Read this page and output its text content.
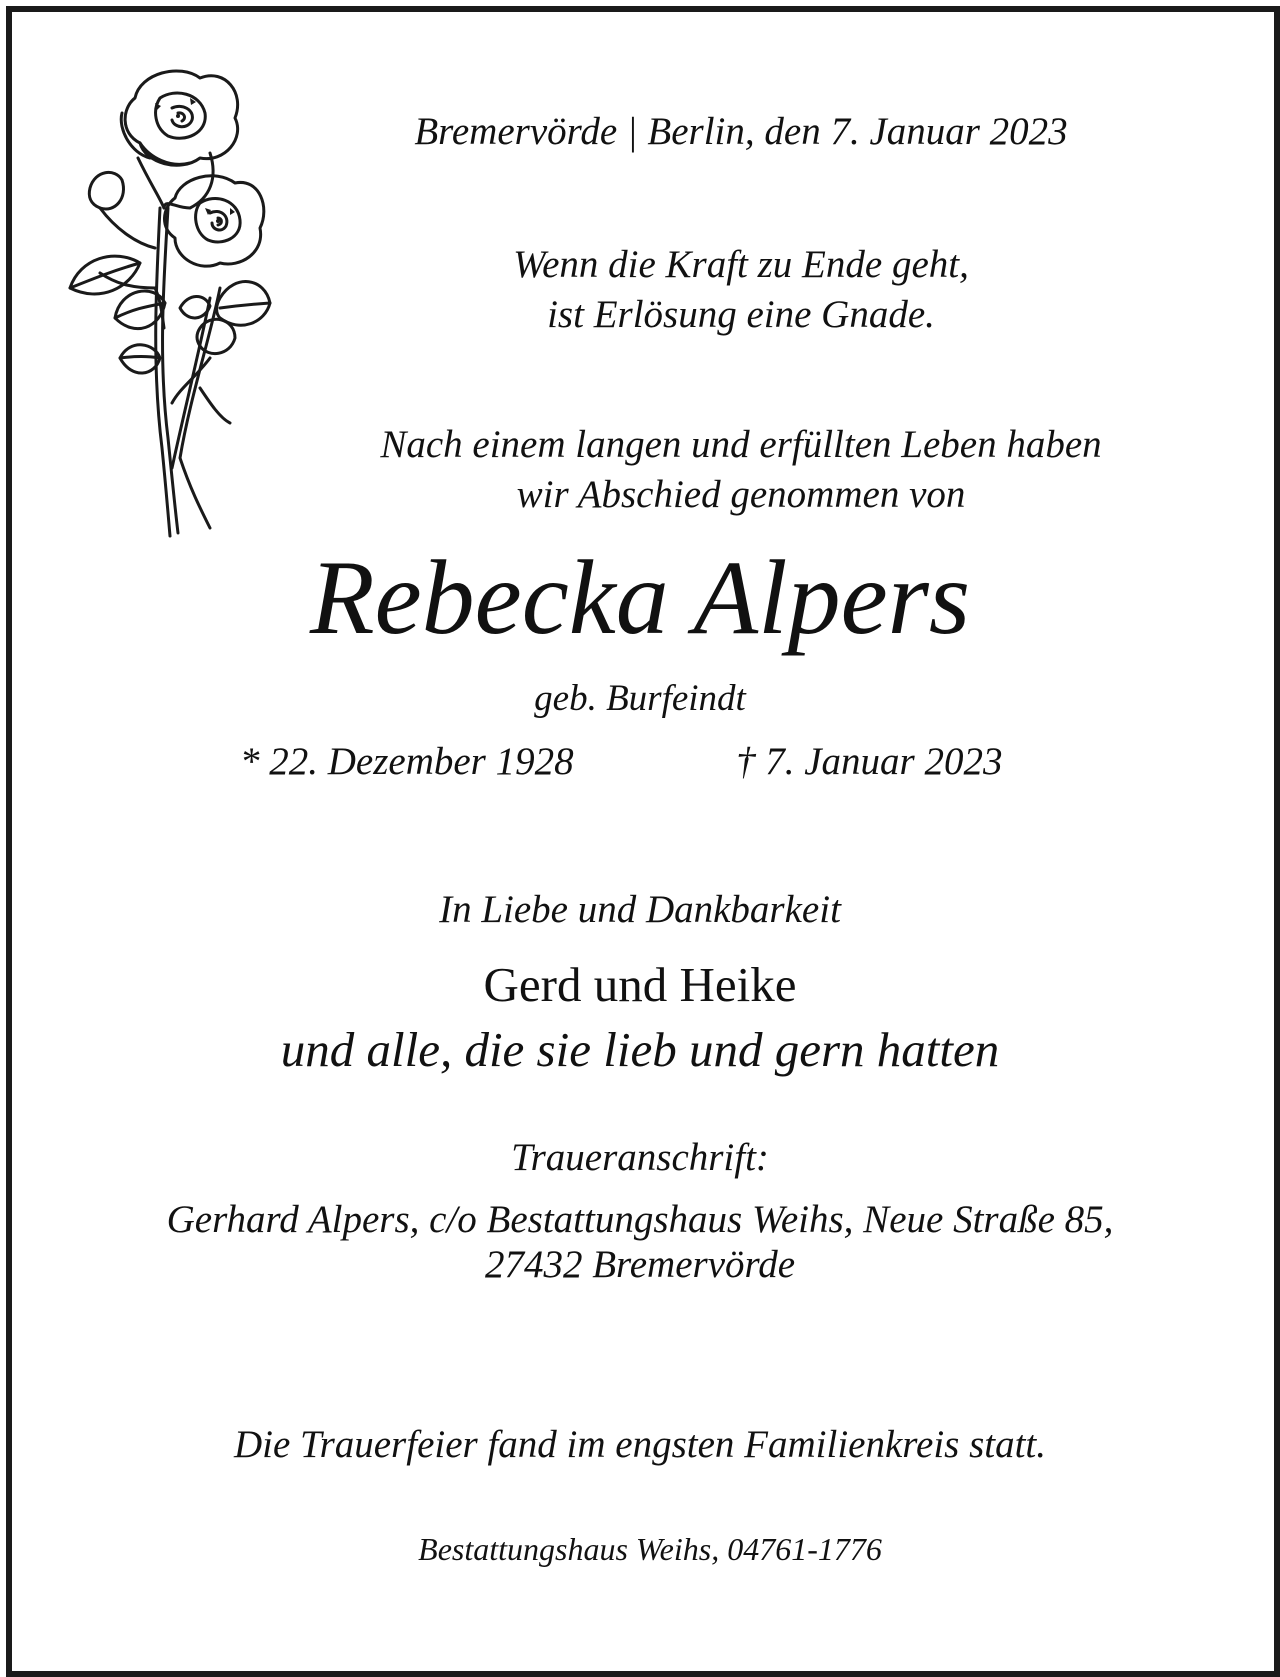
Bremervörde | Berlin, den 7. Januar 2023
Wenn die Kraft zu Ende geht,
ist Erlösung eine Gnade.
Nach einem langen und erfüllten Leben haben
wir Abschied genommen von
Rebecka Alpers
geb. Burfeindt
* 22. Dezember 1928	† 7. Januar 2023
In Liebe und Dankbarkeit
Gerd und Heike
und alle, die sie lieb und gern hatten
Traueranschrift:
Gerhard Alpers, c/o Bestattungshaus Weihs, Neue Straße 85,
27432 Bremervörde
Die Trauerfeier fand im engsten Familienkreis statt.
Bestattungshaus Weihs, 04761-1776
